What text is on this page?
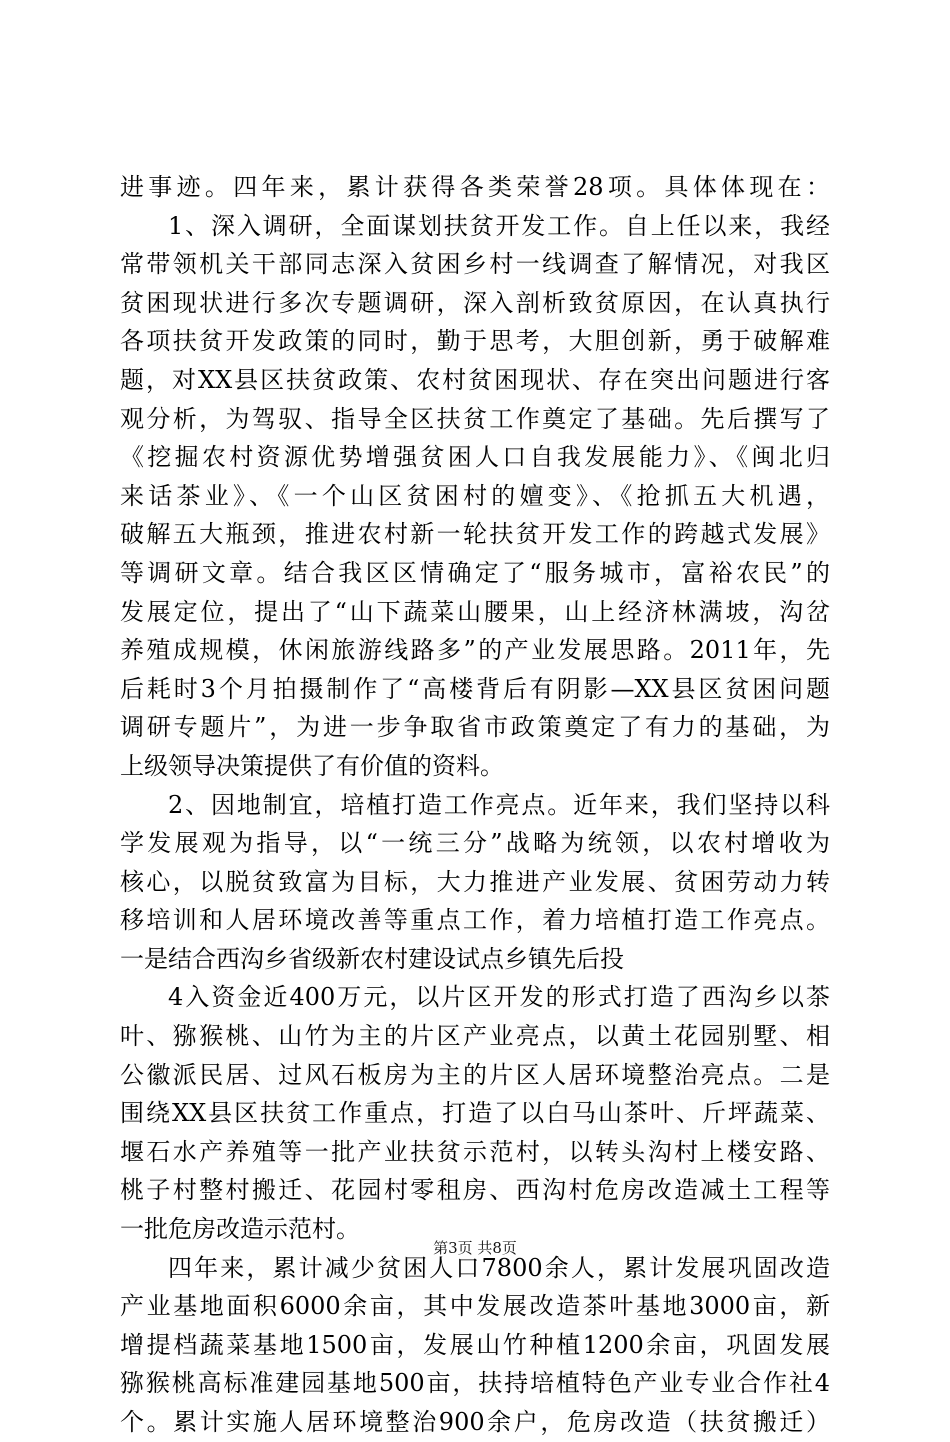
进事迹。四年来，累计获得各类荣誉28项。具体体现在：
1、深入调研，全面谋划扶贫开发工作。自上任以来，我经
常带领机关干部同志深入贫困乡村一线调查了解情况，对我区
贫困现状进行多次专题调研，深入剖析致贫原因，在认真执行
各项扶贫开发政策的同时，勤于思考，大胆创新，勇于破解难
题，对XX县区扶贫政策、农村贫困现状、存在突出问题进行客
观分析，为驾驭、指导全区扶贫工作奠定了基础。先后撰写了
《挖掘农村资源优势增强贫困人口自我发展能力》、《闽北归
来话茶业》、《一个山区贫困村的嬗变》、《抢抓五大机遇，
破解五大瓶颈，推进农村新一轮扶贫开发工作的跨越式发展》
等调研文章。结合我区区情确定了“服务城市，富裕农民”的
发展定位，提出了“山下蔬菜山腰果，山上经济林满坡，沟岔
养殖成规模，休闲旅游线路多”的产业发展思路。2011年，先
后耗时3个月拍摄制作了“高楼背后有阴影—XX县区贫困问题
调研专题片”，为进一步争取省市政策奠定了有力的基础，为
上级领导决策提供了有价值的资料。
2、因地制宜，培植打造工作亮点。近年来，我们坚持以科
学发展观为指导，以“一统三分”战略为统领，以农村增收为
核心，以脱贫致富为目标，大力推进产业发展、贫困劳动力转
移培训和人居环境改善等重点工作，着力培植打造工作亮点。
一是结合西沟乡省级新农村建设试点乡镇先后投
4入资金近400万元，以片区开发的形式打造了西沟乡以茶
叶、猕猴桃、山竹为主的片区产业亮点，以黄土花园别墅、相
公徽派民居、过风石板房为主的片区人居环境整治亮点。二是
围绕XX县区扶贫工作重点，打造了以白马山茶叶、斤坪蔬菜、
堰石水产养殖等一批产业扶贫示范村，以转头沟村上楼安路、
桃子村整村搬迁、花园村零租房、西沟村危房改造减土工程等
一批危房改造示范村。
四年来，累计减少贫困人口7800余人，累计发展巩固改造
产业基地面积6000余亩，其中发展改造茶叶基地3000亩，新
增提档蔬菜基地1500亩，发展山竹种植1200余亩，巩固发展
猕猴桃高标准建园基地500亩，扶持培植特色产业专业合作社4
个。累计实施人居环境整治900余户，危房改造（扶贫搬迁）
第3页 共8页
